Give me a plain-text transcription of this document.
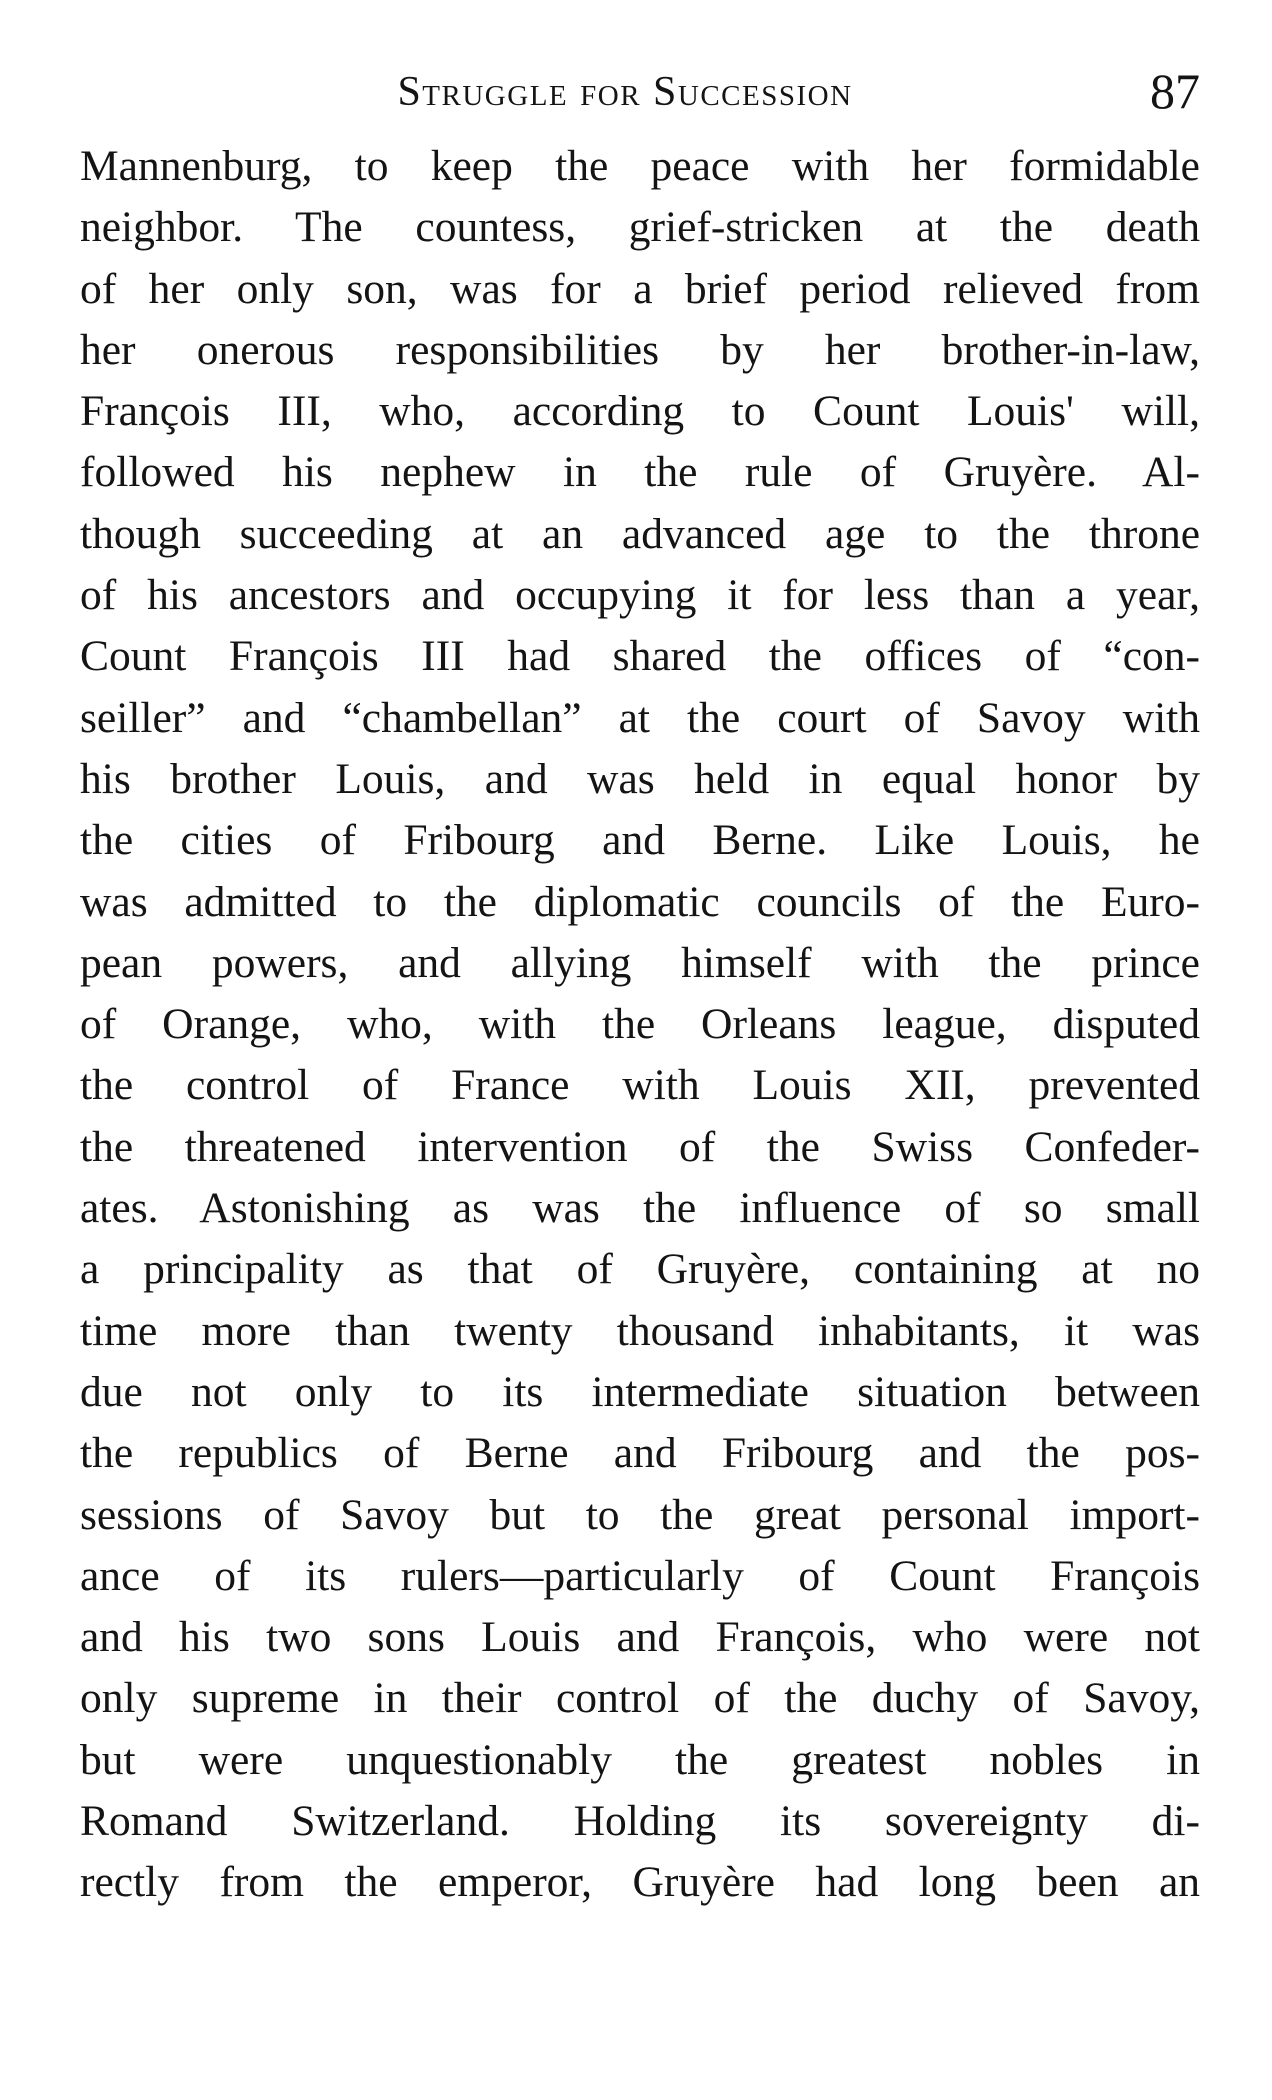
Struggle for Succession	87
Mannenburg, to keep the peace with her formidable
neighbor. The countess, grief-stricken at the death
of her only son, was for a brief period relieved from
her onerous responsibilities by her brother-in-law,
François III, who, according to Count Louis' will,
followed his nephew in the rule of Gruyère. Al-
though succeeding at an advanced age to the throne
of his ancestors and occupying it for less than a year,
Count François III had shared the offices of “con-
seiller” and “chambellan” at the court of Savoy with
his brother Louis, and was held in equal honor by
the cities of Fribourg and Berne. Like Louis, he
was admitted to the diplomatic councils of the Euro-
pean powers, and allying himself with the prince
of Orange, who, with the Orleans league, disputed
the control of France with Louis XII, prevented
the threatened intervention of the Swiss Confeder-
ates. Astonishing as was the influence of so small
a principality as that of Gruyère, containing at no
time more than twenty thousand inhabitants, it was
due not only to its intermediate situation between
the republics of Berne and Fribourg and the pos-
sessions of Savoy but to the great personal import-
ance of its rulers—particularly of Count François
and his two sons Louis and François, who were not
only supreme in their control of the duchy of Savoy,
but were unquestionably the greatest nobles in
Romand Switzerland. Holding its sovereignty di-
rectly from the emperor, Gruyère had long been an
